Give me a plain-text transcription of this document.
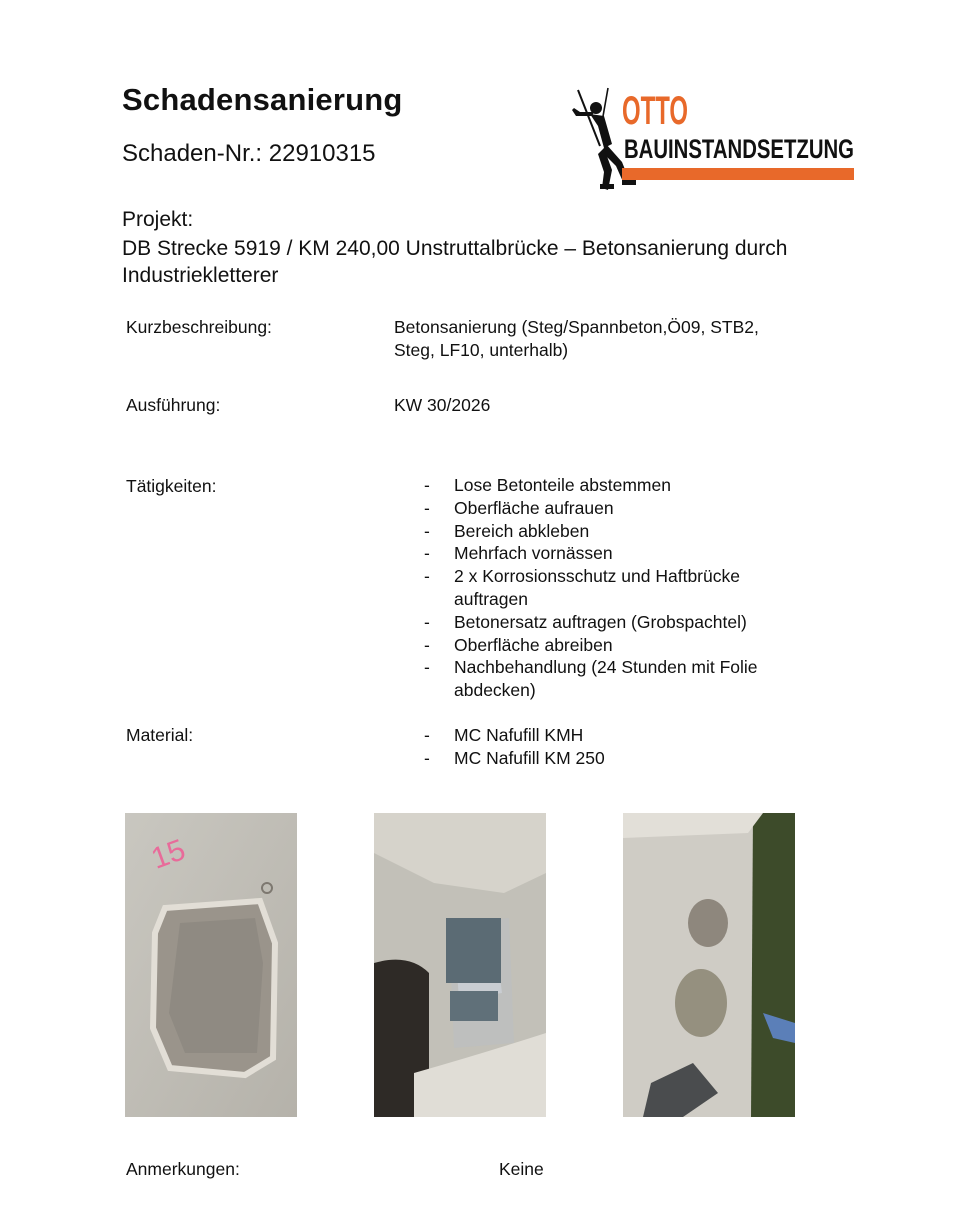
Schadensanierung
Schaden-Nr.: 22910315
OTTO
BAUINSTANDSETZUNG
Projekt:
DB Strecke 5919 / KM 240,00 Unstruttalbrücke – Betonsanierung durch Industriekletterer
Kurzbeschreibung:	Betonsanierung (Steg/Spannbeton,Ö09, STB2,
Steg, LF10, unterhalb)
Ausführung:	KW 30/2026
Tätigkeiten:	- Lose Betonteile abstemmen
- Oberfläche aufrauen
- Bereich abkleben
- Mehrfach vornässen
- 2 x Korrosionsschutz und Haftbrücke auftragen
- Betonersatz auftragen (Grobspachtel)
- Oberfläche abreiben
- Nachbehandlung (24 Stunden mit Folie abdecken)
Material:	- MC Nafufill KMH
- MC Nafufill KM 250
15
Anmerkungen:	Keine
